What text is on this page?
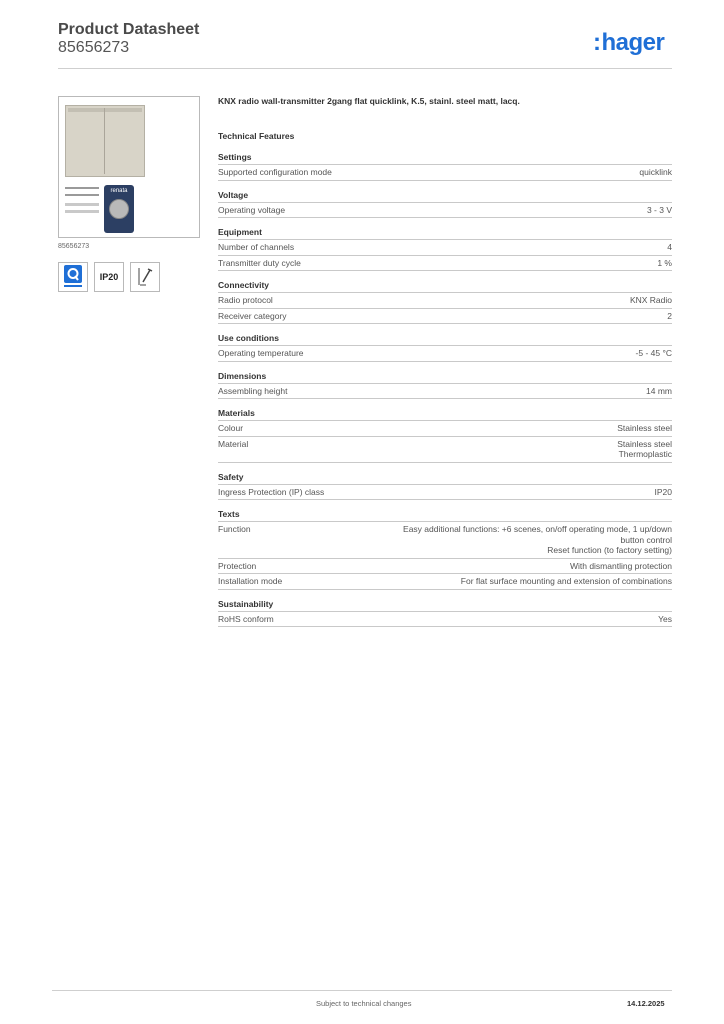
Product Datasheet
85656273	:hager
renata
85656273
IP20
KNX radio wall-transmitter 2gang flat quicklink, K.5, stainl. steel matt, lacq.
Technical Features
Settings
Supported configuration mode	quicklink
Voltage
Operating voltage	3 - 3 V
Equipment
Number of channels	4
Transmitter duty cycle	1 %
Connectivity
Radio protocol	KNX Radio
Receiver category	2
Use conditions
Operating temperature	-5 - 45 °C
Dimensions
Assembling height	14 mm
Materials
Colour	Stainless steel
Material	Stainless steel
Thermoplastic
Safety
Ingress Protection (IP) class	IP20
Texts
Function	Easy additional functions: +6 scenes, on/off operating mode, 1 up/down
button control
Reset function (to factory setting)
Protection	With dismantling protection
Installation mode	For flat surface mounting and extension of combinations
Sustainability
RoHS conform	Yes
Subject to technical changes	14.12.2025
